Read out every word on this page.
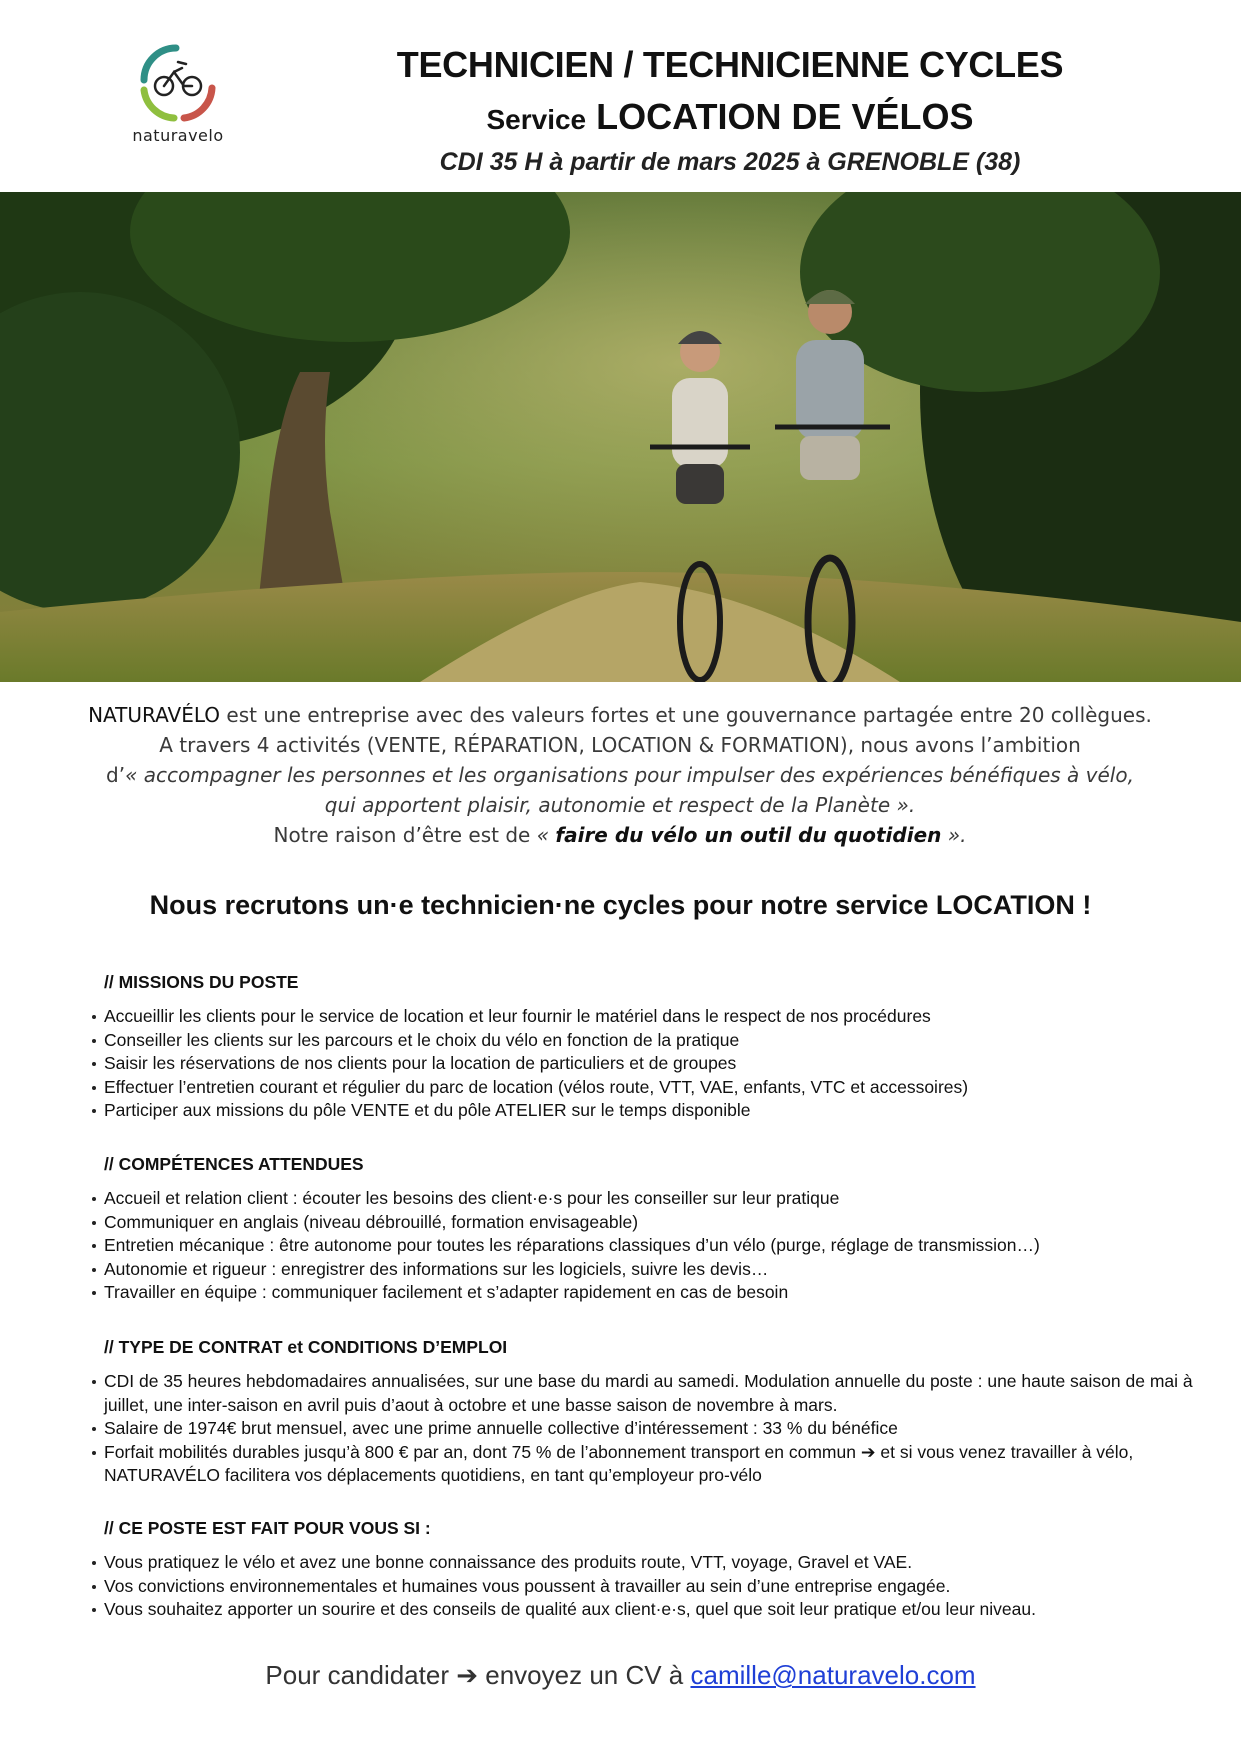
naturavelo
TECHNICIEN / TECHNICIENNE CYCLES
Service LOCATION DE VÉLOS
CDI 35 H à partir de mars 2025 à GRENOBLE (38)
NATURAVÉLO est une entreprise avec des valeurs fortes et une gouvernance partagée entre 20 collègues.
A travers 4 activités (VENTE, RÉPARATION, LOCATION & FORMATION), nous avons l’ambition
d’« accompagner les personnes et les organisations pour impulser des expériences bénéfiques à vélo,
qui apportent plaisir, autonomie et respect de la Planète ».
Notre raison d’être est de « faire du vélo un outil du quotidien ».
Nous recrutons un·e technicien·ne cycles pour notre service LOCATION !
// MISSIONS DU POSTE
Accueillir les clients pour le service de location et leur fournir le matériel dans le respect de nos procédures
Conseiller les clients sur les parcours et le choix du vélo en fonction de la pratique
Saisir les réservations de nos clients pour la location de particuliers et de groupes
Effectuer l’entretien courant et régulier du parc de location (vélos route, VTT, VAE, enfants, VTC et accessoires)
Participer aux missions du pôle VENTE et du pôle ATELIER sur le temps disponible
// COMPÉTENCES ATTENDUES
Accueil et relation client : écouter les besoins des client·e·s pour les conseiller sur leur pratique
Communiquer en anglais (niveau débrouillé, formation envisageable)
Entretien mécanique : être autonome pour toutes les réparations classiques d’un vélo (purge, réglage de transmission…)
Autonomie et rigueur : enregistrer des informations sur les logiciels, suivre les devis…
Travailler en équipe : communiquer facilement et s’adapter rapidement en cas de besoin
// TYPE DE CONTRAT et CONDITIONS D’EMPLOI
CDI de 35 heures hebdomadaires annualisées, sur une base du mardi au samedi. Modulation annuelle du poste : une haute saison de mai à juillet, une inter-saison en avril puis d’aout à octobre et une basse saison de novembre à mars.
Salaire de 1974€ brut mensuel, avec une prime annuelle collective d’intéressement : 33 % du bénéfice
Forfait mobilités durables jusqu’à 800 € par an, dont 75 % de l’abonnement transport en commun ➔ et si vous venez travailler à vélo, NATURAVÉLO facilitera vos déplacements quotidiens, en tant qu’employeur pro-vélo
// CE POSTE EST FAIT POUR VOUS SI :
Vous pratiquez le vélo et avez une bonne connaissance des produits route, VTT, voyage, Gravel et VAE.
Vos convictions environnementales et humaines vous poussent à travailler au sein d’une entreprise engagée.
Vous souhaitez apporter un sourire et des conseils de qualité aux client·e·s, quel que soit leur pratique et/ou leur niveau.
Pour candidater ➔ envoyez un CV à camille@naturavelo.com
